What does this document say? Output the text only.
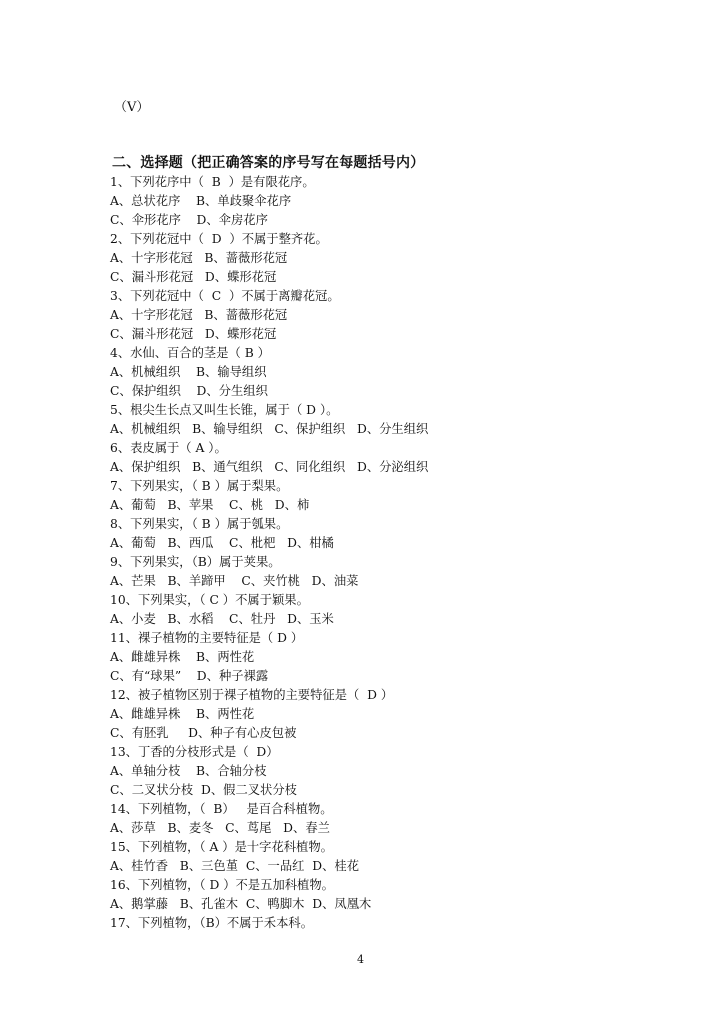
（V）
二、选择题（把正确答案的序号写在每题括号内）
1、下列花序中（  B  ）是有限花序。
A、总状花序    B、单歧聚伞花序
C、伞形花序    D、伞房花序
2、下列花冠中（  D  ）不属于整齐花。
A、十字形花冠   B、蔷薇形花冠
C、漏斗形花冠   D、蝶形花冠
3、下列花冠中（  C  ）不属于离瓣花冠。
A、十字形花冠   B、蔷薇形花冠
C、漏斗形花冠   D、蝶形花冠
4、水仙、百合的茎是（ B ）
A、机械组织    B、输导组织
C、保护组织    D、分生组织
5、根尖生长点又叫生长锥，属于（ D ）。
A、机械组织   B、输导组织   C、保护组织   D、分生组织
6、表皮属于（ A ）。
A、保护组织   B、通气组织   C、同化组织   D、分泌组织
7、下列果实，（ B ）属于梨果。
A、葡萄   B、苹果    C、桃   D、柿
8、下列果实，（ B ）属于瓠果。
A、葡萄   B、西瓜    C、枇杷   D、柑橘
9、下列果实，（B）属于荚果。
A、芒果   B、羊蹄甲    C、夹竹桃   D、油菜
10、下列果实，（ C ）不属于颖果。
A、小麦   B、水稻    C、牡丹   D、玉米
11、裸子植物的主要特征是（ D ）
A、雌雄异株    B、两性花
C、有“球果”    D、种子裸露
12、被子植物区别于裸子植物的主要特征是（  D ）
A、雌雄异株    B、两性花
C、有胚乳     D、种子有心皮包被
13、丁香的分枝形式是（  D）
A、单轴分枝    B、合轴分枝
C、二叉状分枝  D、假二叉状分枝
14、下列植物，（  B）   是百合科植物。
A、莎草   B、麦冬   C、茑尾   D、春兰
15、下列植物，（ A ）是十字花科植物。
A、桂竹香   B、三色堇  C、一品红  D、桂花
16、下列植物，（ D ）不是五加科植物。
A、鹅掌藤   B、孔雀木  C、鸭脚木  D、凤凰木
17、下列植物，（B）不属于禾本科。
4
